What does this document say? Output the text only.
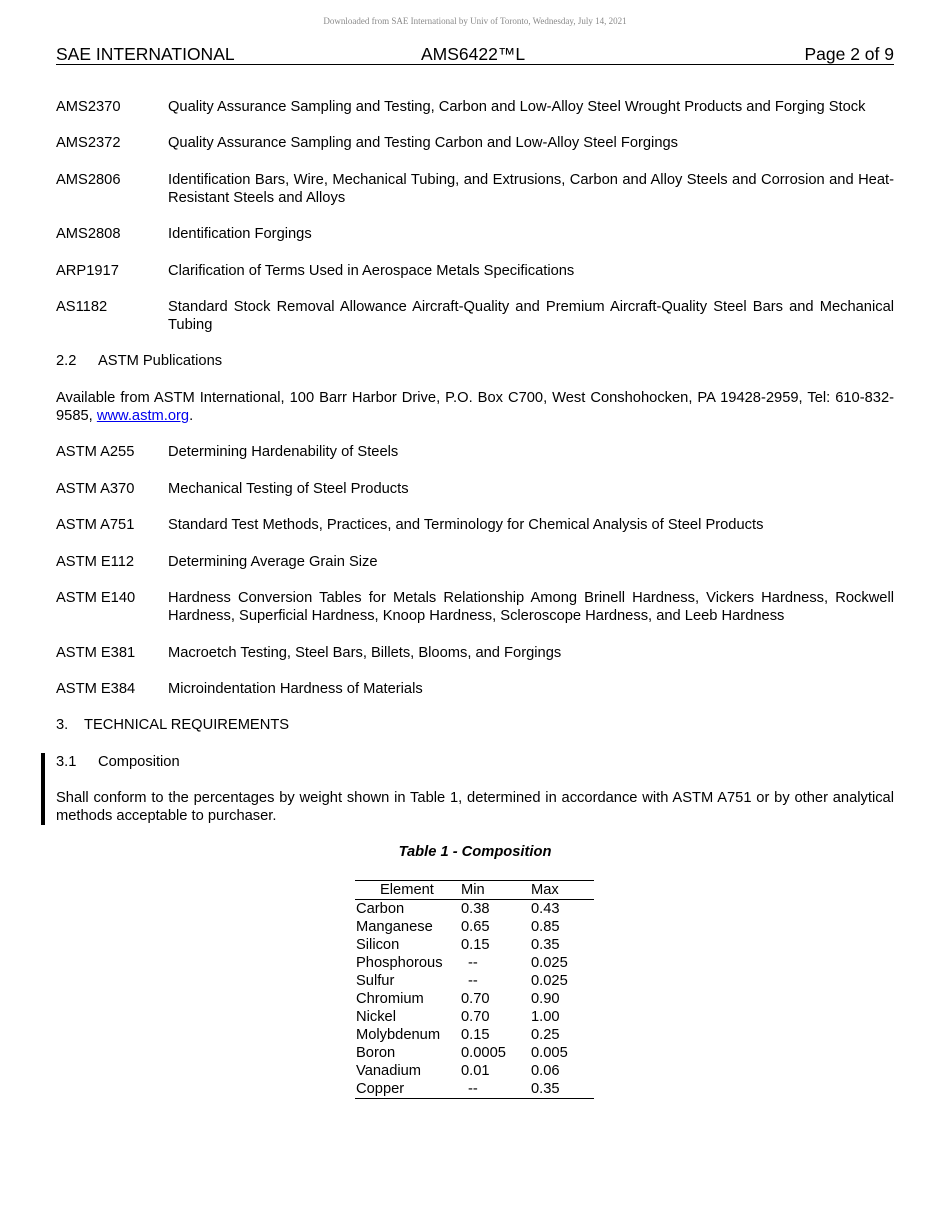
Downloaded from SAE International by Univ of Toronto, Wednesday, July 14, 2021
SAE INTERNATIONAL	AMS6422™L	Page 2 of 9
AMS2370	Quality Assurance Sampling and Testing, Carbon and Low-Alloy Steel Wrought Products and Forging Stock
AMS2372	Quality Assurance Sampling and Testing Carbon and Low-Alloy Steel Forgings
AMS2806	Identification Bars, Wire, Mechanical Tubing, and Extrusions, Carbon and Alloy Steels and Corrosion and Heat-Resistant Steels and Alloys
AMS2808	Identification Forgings
ARP1917	Clarification of Terms Used in Aerospace Metals Specifications
AS1182	Standard Stock Removal Allowance Aircraft-Quality and Premium Aircraft-Quality Steel Bars and Mechanical Tubing
2.2 ASTM Publications
Available from ASTM International, 100 Barr Harbor Drive, P.O. Box C700, West Conshohocken, PA 19428-2959, Tel: 610-832-9585, www.astm.org.
ASTM A255 Determining Hardenability of Steels
ASTM A370 Mechanical Testing of Steel Products
ASTM A751 Standard Test Methods, Practices, and Terminology for Chemical Analysis of Steel Products
ASTM E112 Determining Average Grain Size
ASTM E140 Hardness Conversion Tables for Metals Relationship Among Brinell Hardness, Vickers Hardness, Rockwell Hardness, Superficial Hardness, Knoop Hardness, Scleroscope Hardness, and Leeb Hardness
ASTM E381 Macroetch Testing, Steel Bars, Billets, Blooms, and Forgings
ASTM E384 Microindentation Hardness of Materials
3. TECHNICAL REQUIREMENTS
3.1 Composition
Shall conform to the percentages by weight shown in Table 1, determined in accordance with ASTM A751 or by other analytical methods acceptable to purchaser.
Table 1 - Composition
Element Min	Max
Carbon	0.38	0.43
Manganese 0.65	0.85
Silicon	0.15	0.35
Phosphorous --	0.025
Sulfur	--	0.025
Chromium	0.70	0.90
Nickel	0.70	1.00
Molybdenum 0.15	0.25
Boron	0.0005 0.005
Vanadium	0.01	0.06
Copper	--	0.35
